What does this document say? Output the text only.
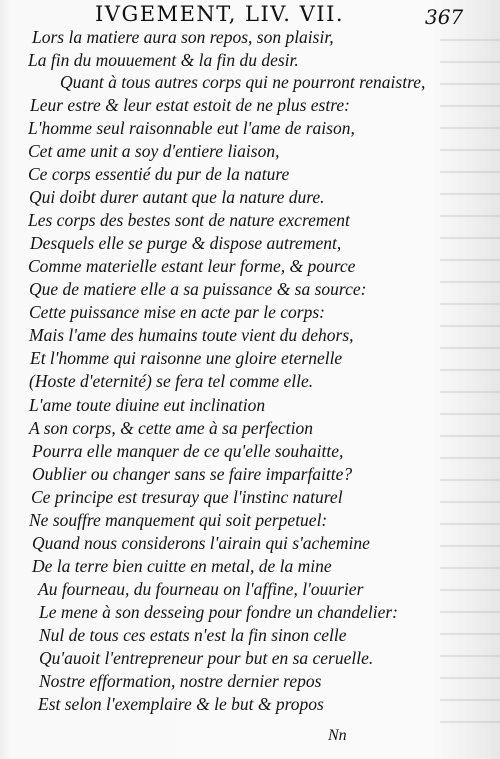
IVGEMENT, LIV. VII.	367
Lors la matiere aura son repos, son plaisir,
La fin du mouuement & la fin du desir.
Quant à tous autres corps qui ne pourront renaistre,
Leur estre & leur estat estoit de ne plus estre:
L'homme seul raisonnable eut l'ame de raison,
Cet ame unit a soy d'entiere liaison,
Ce corps essentié du pur de la nature
Qui doibt durer autant que la nature dure.
Les corps des bestes sont de nature excrement
Desquels elle se purge & dispose autrement,
Comme materielle estant leur forme, & pource
Que de matiere elle a sa puissance & sa source:
Cette puissance mise en acte par le corps:
Mais l'ame des humains toute vient du dehors,
Et l'homme qui raisonne une gloire eternelle
(Hoste d'eternité) se fera tel comme elle.
L'ame toute diuine eut inclination
A son corps, & cette ame à sa perfection
Pourra elle manquer de ce qu'elle souhaitte,
Oublier ou changer sans se faire imparfaitte?
Ce principe est tresuray que l'instinc naturel
Ne souffre manquement qui soit perpetuel:
Quand nous considerons l'airain qui s'achemine
De la terre bien cuitte en metal, de la mine
Au fourneau, du fourneau on l'affine, l'ouurier
Le mene à son desseing pour fondre un chandelier:
Nul de tous ces estats n'est la fin sinon celle
Qu'auoit l'entrepreneur pour but en sa ceruelle.
Nostre efformation, nostre dernier repos
Est selon l'exemplaire & le but & propos
Nn
